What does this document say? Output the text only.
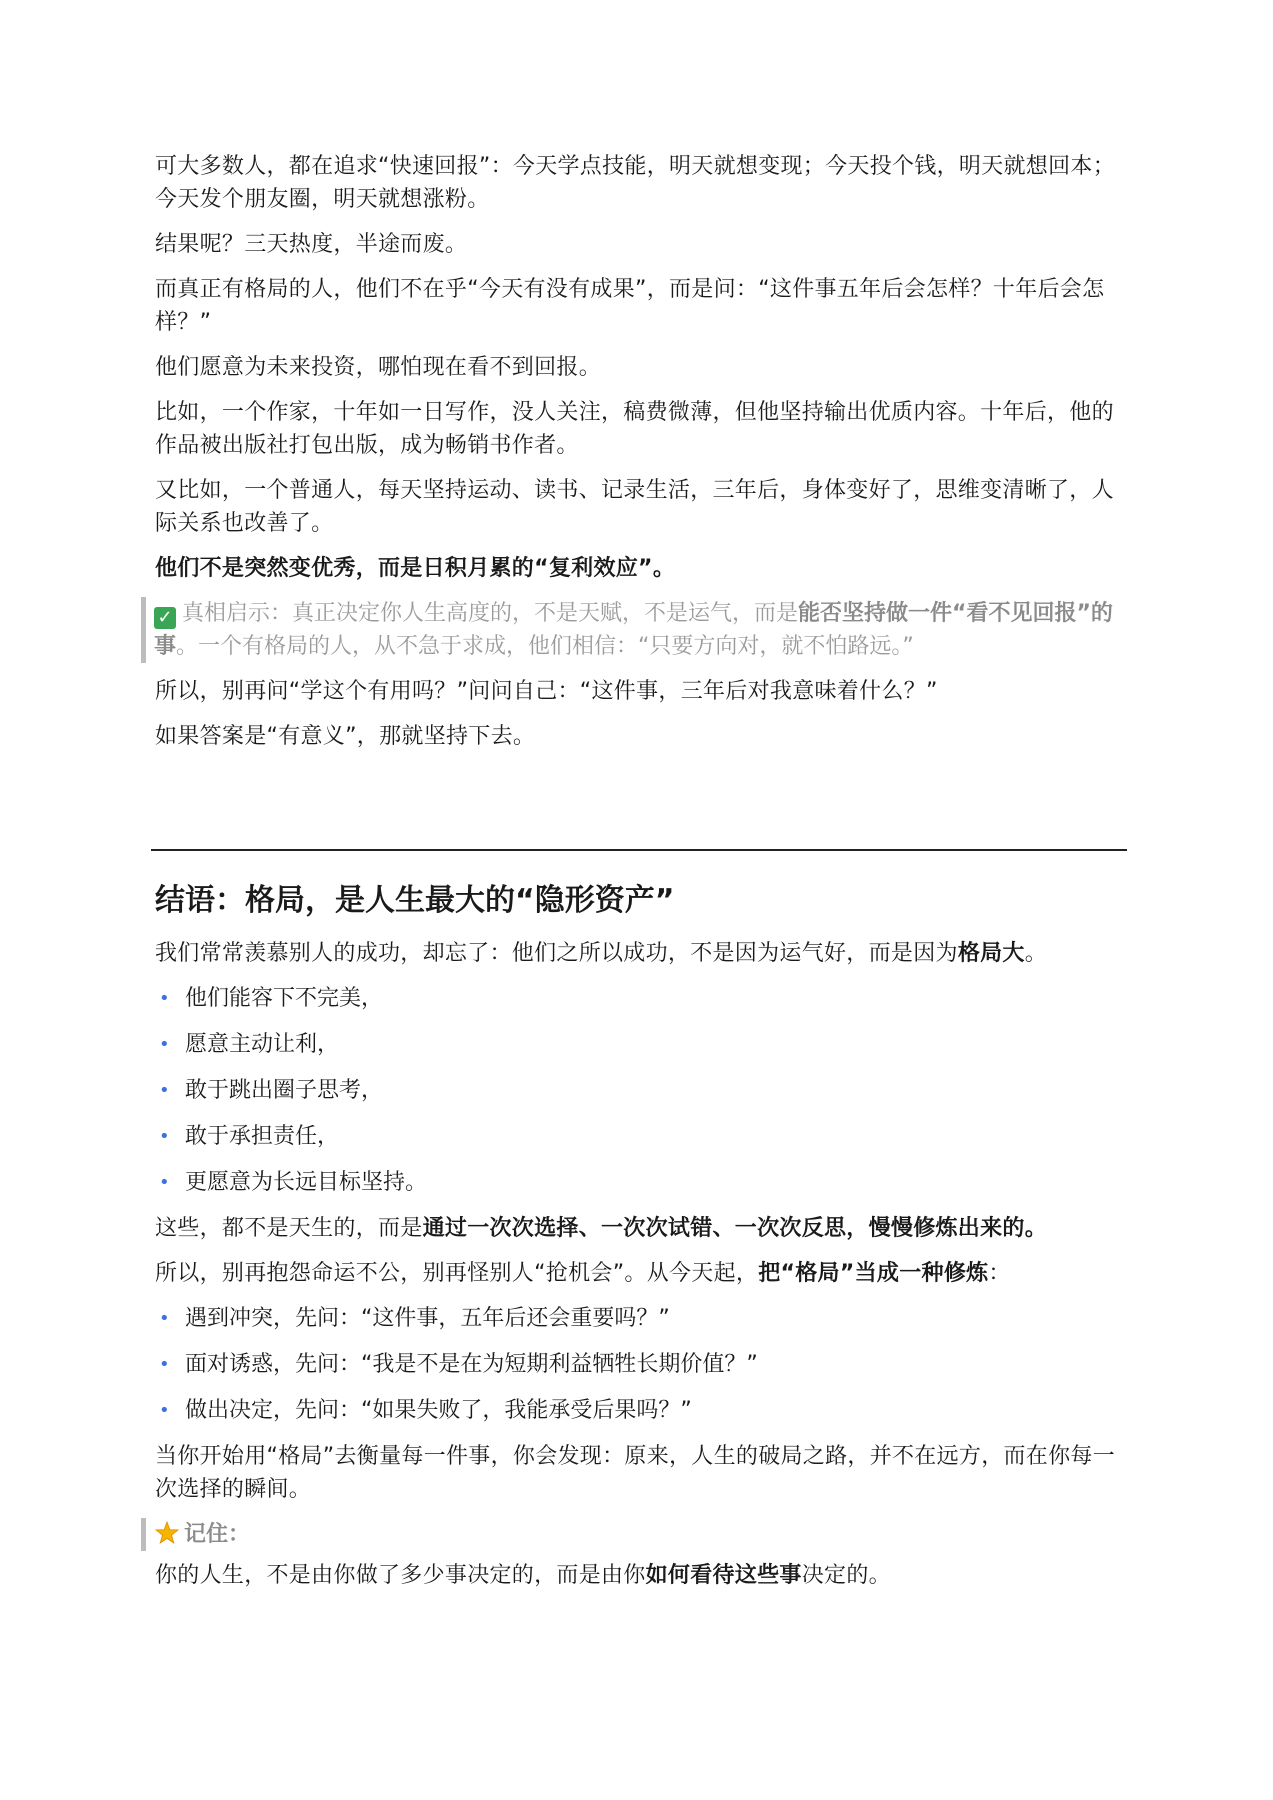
可大多数人，都在追求“快速回报”：今天学点技能，明天就想变现；今天投个钱，明天就想回本；今天发个朋友圈，明天就想涨粉。

结果呢？三天热度，半途而废。

而真正有格局的人，他们不在乎“今天有没有成果”，而是问：“这件事五年后会怎样？十年后会怎样？”

他们愿意为未来投资，哪怕现在看不到回报。

比如，一个作家，十年如一日写作，没人关注，稿费微薄，但他坚持输出优质内容。十年后，他的作品被出版社打包出版，成为畅销书作者。

又比如，一个普通人，每天坚持运动、读书、记录生活，三年后，身体变好了，思维变清晰了，人际关系也改善了。

他们不是突然变优秀，而是日积月累的“复利效应”。

✓ 真相启示：真正决定你人生高度的，不是天赋，不是运气，而是能否坚持做一件“看不见回报”的事。一个有格局的人，从不急于求成，他们相信：“只要方向对，就不怕路远。”

所以，别再问“学这个有用吗？”问问自己：“这件事，三年后对我意味着什么？”

如果答案是“有意义”，那就坚持下去。

结语：格局，是人生最大的“隐形资产”

我们常常羡慕别人的成功，却忘了：他们之所以成功，不是因为运气好，而是因为格局大。

• 他们能容下不完美，
• 愿意主动让利，
• 敢于跳出圈子思考，
• 敢于承担责任，
• 更愿意为长远目标坚持。

这些，都不是天生的，而是通过一次次选择、一次次试错、一次次反思，慢慢修炼出来的。

所以，别再抱怨命运不公，别再怪别人“抢机会”。从今天起，把“格局”当成一种修炼：

• 遇到冲突，先问：“这件事，五年后还会重要吗？”
• 面对诱惑，先问：“我是不是在为短期利益牺牲长期价值？”
• 做出决定，先问：“如果失败了，我能承受后果吗？”

当你开始用“格局”去衡量每一件事，你会发现：原来，人生的破局之路，并不在远方，而在你每一次选择的瞬间。

记住：

你的人生，不是由你做了多少事决定的，而是由你如何看待这些事决定的。
